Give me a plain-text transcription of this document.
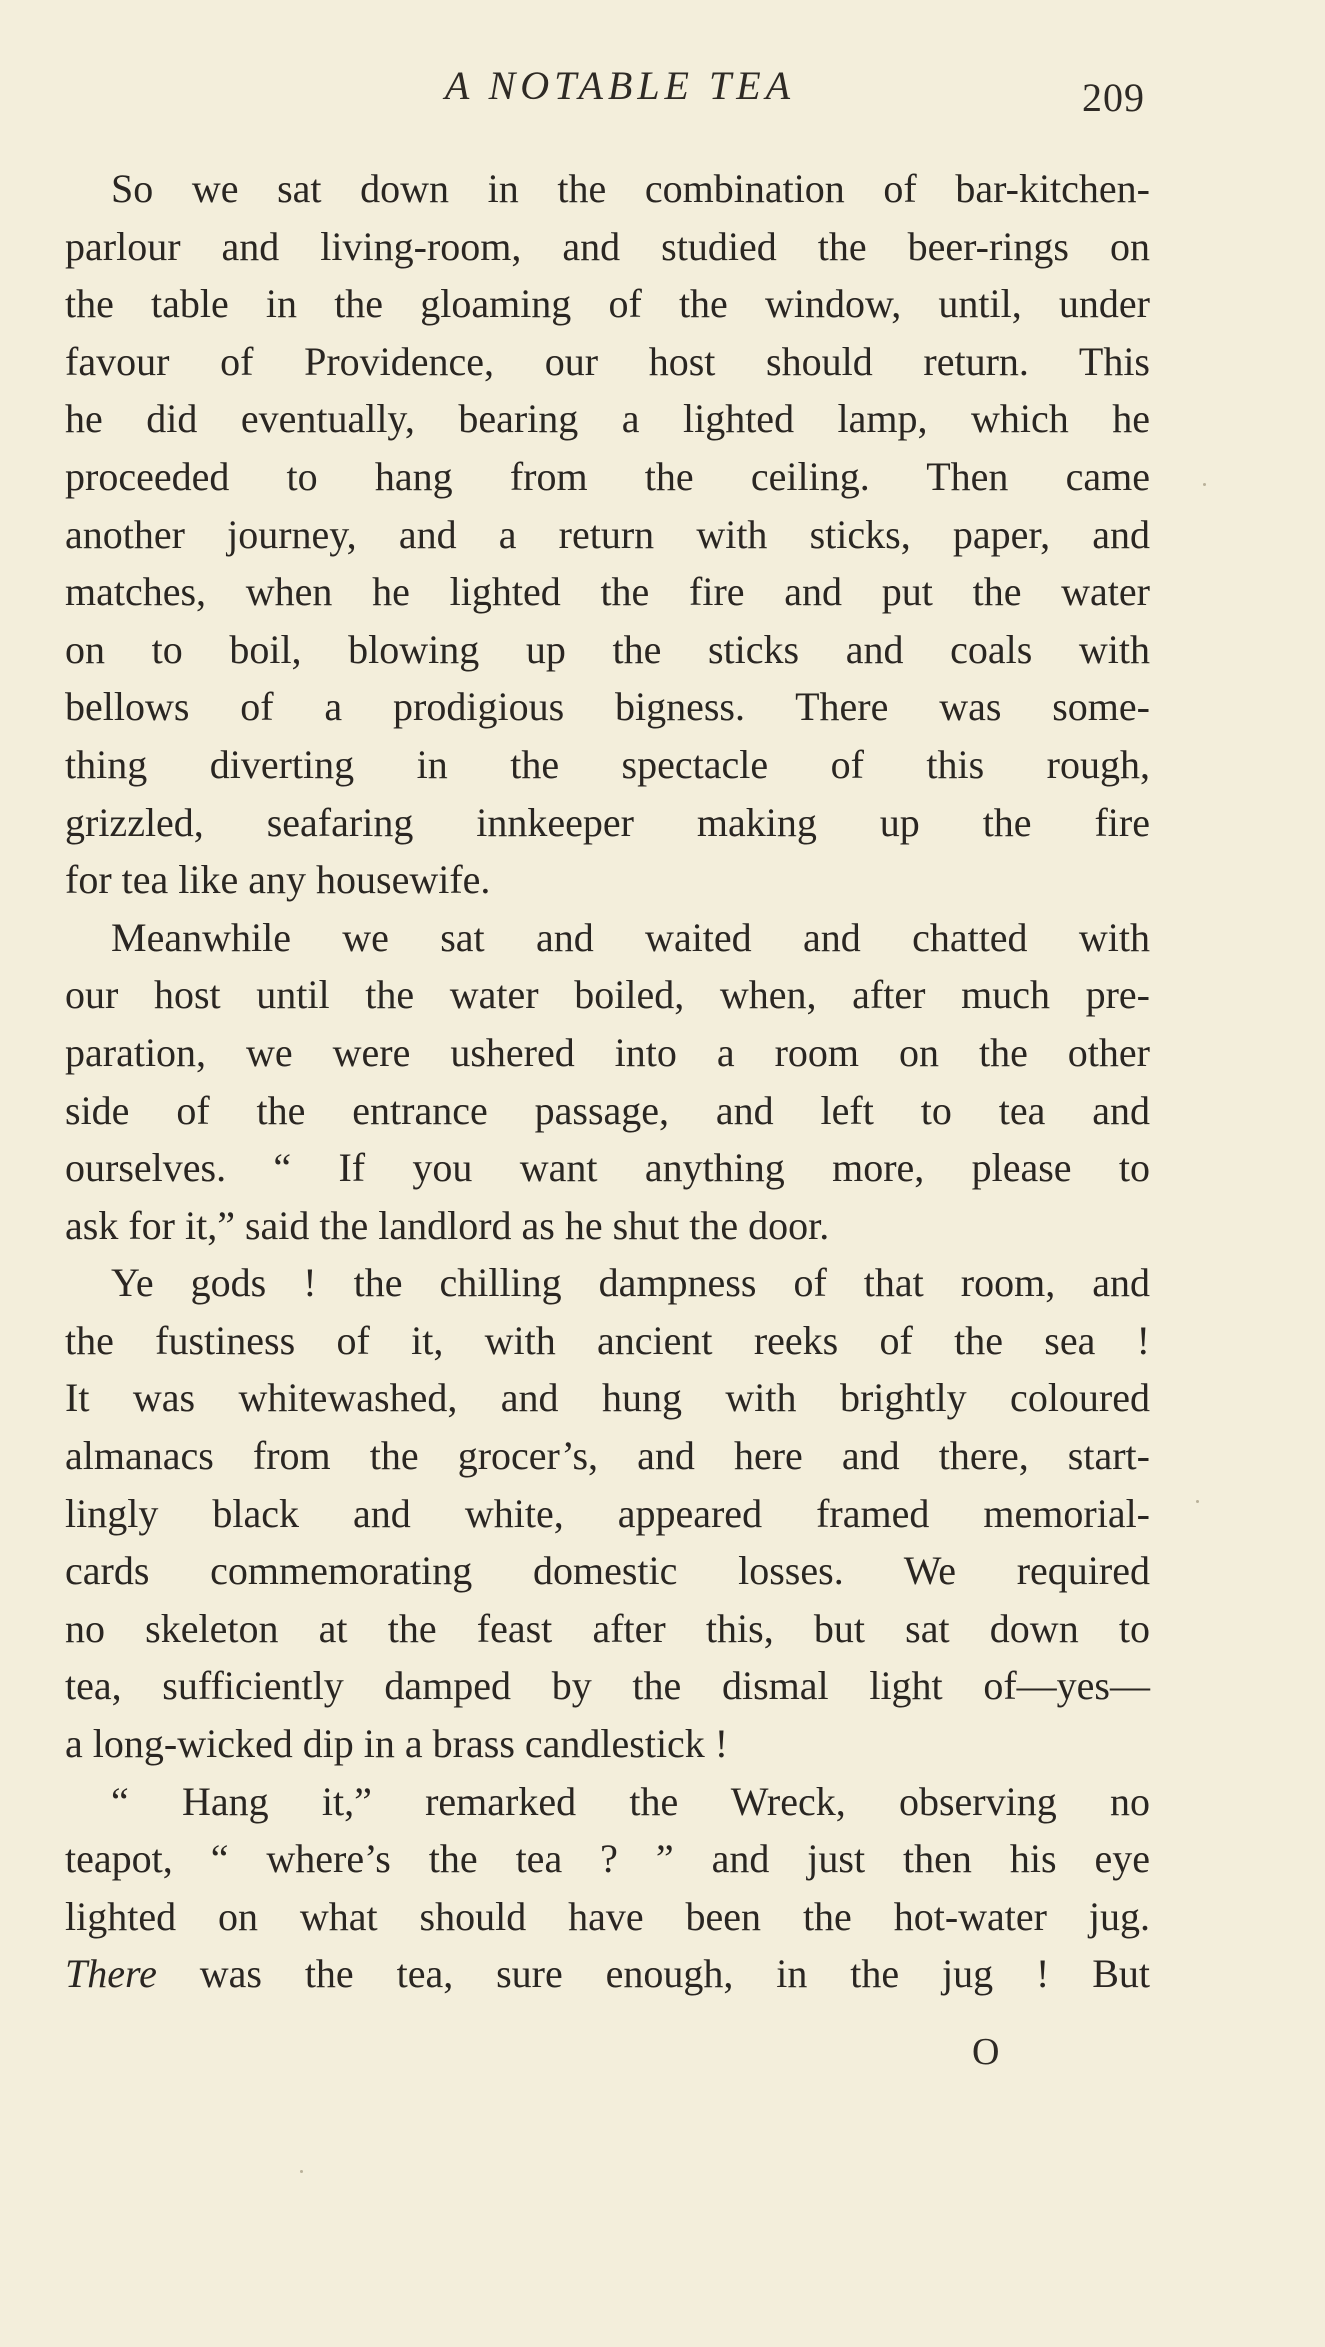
A NOTABLE TEA	209
So we sat down in the combination of bar-kitchen-
parlour and living-room, and studied the beer-rings on
the table in the gloaming of the window, until, under
favour of Providence, our host should return. This
he did eventually, bearing a lighted lamp, which he
proceeded to hang from the ceiling. Then came
another journey, and a return with sticks, paper, and
matches, when he lighted the fire and put the water
on to boil, blowing up the sticks and coals with
bellows of a prodigious bigness. There was some-
thing diverting in the spectacle of this rough,
grizzled, seafaring innkeeper making up the fire
for tea like any housewife.
Meanwhile we sat and waited and chatted with
our host until the water boiled, when, after much pre-
paration, we were ushered into a room on the other
side of the entrance passage, and left to tea and
ourselves. “ If you want anything more, please to
ask for it,” said the landlord as he shut the door.
Ye gods ! the chilling dampness of that room, and
the fustiness of it, with ancient reeks of the sea !
It was whitewashed, and hung with brightly coloured
almanacs from the grocer’s, and here and there, start-
lingly black and white, appeared framed memorial-
cards commemorating domestic losses. We required
no skeleton at the feast after this, but sat down to
tea, sufficiently damped by the dismal light of—yes—
a long-wicked dip in a brass candlestick !
“ Hang it,” remarked the Wreck, observing no
teapot, “ where’s the tea ? ” and just then his eye
lighted on what should have been the hot-water jug.
There was the tea, sure enough, in the jug ! But
O
